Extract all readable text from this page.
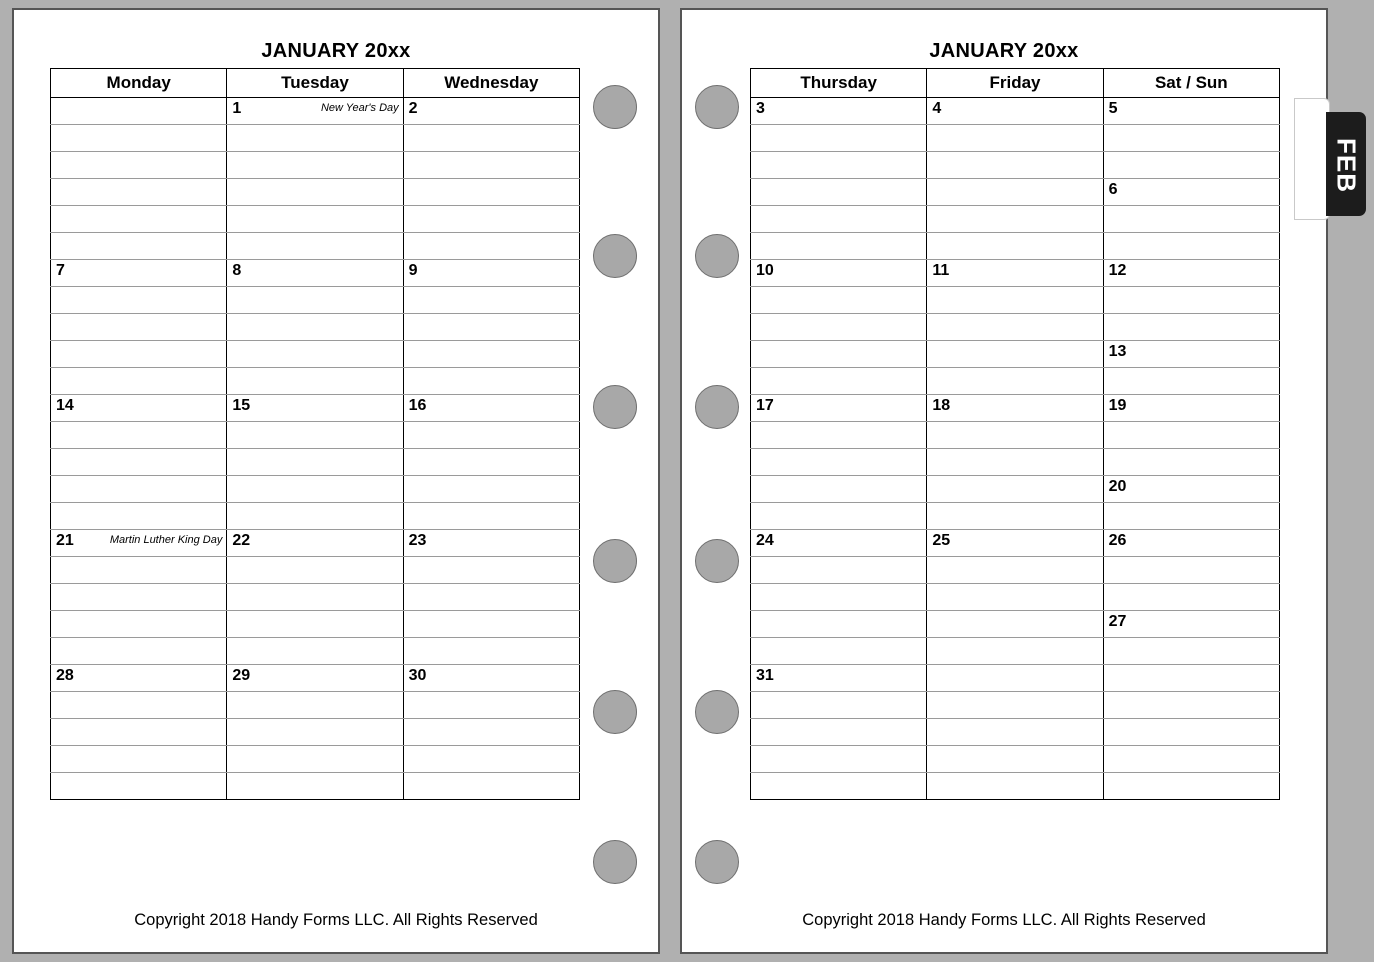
JANUARY 20xx
Monday	Tuesday	Wednesday

	1 New Year's Day	2

7	8	9

14	15	16

21 Martin Luther King Day	22	23

28	29	30

Copyright 2018 Handy Forms LLC. All Rights Reserved
JANUARY 20xx
Thursday	Friday	Sat / Sun

3	4	5

		6

10	11	12

		13

17	18	19

		20

24	25	26

		27

31		

Copyright 2018 Handy Forms LLC. All Rights Reserved
FEB
